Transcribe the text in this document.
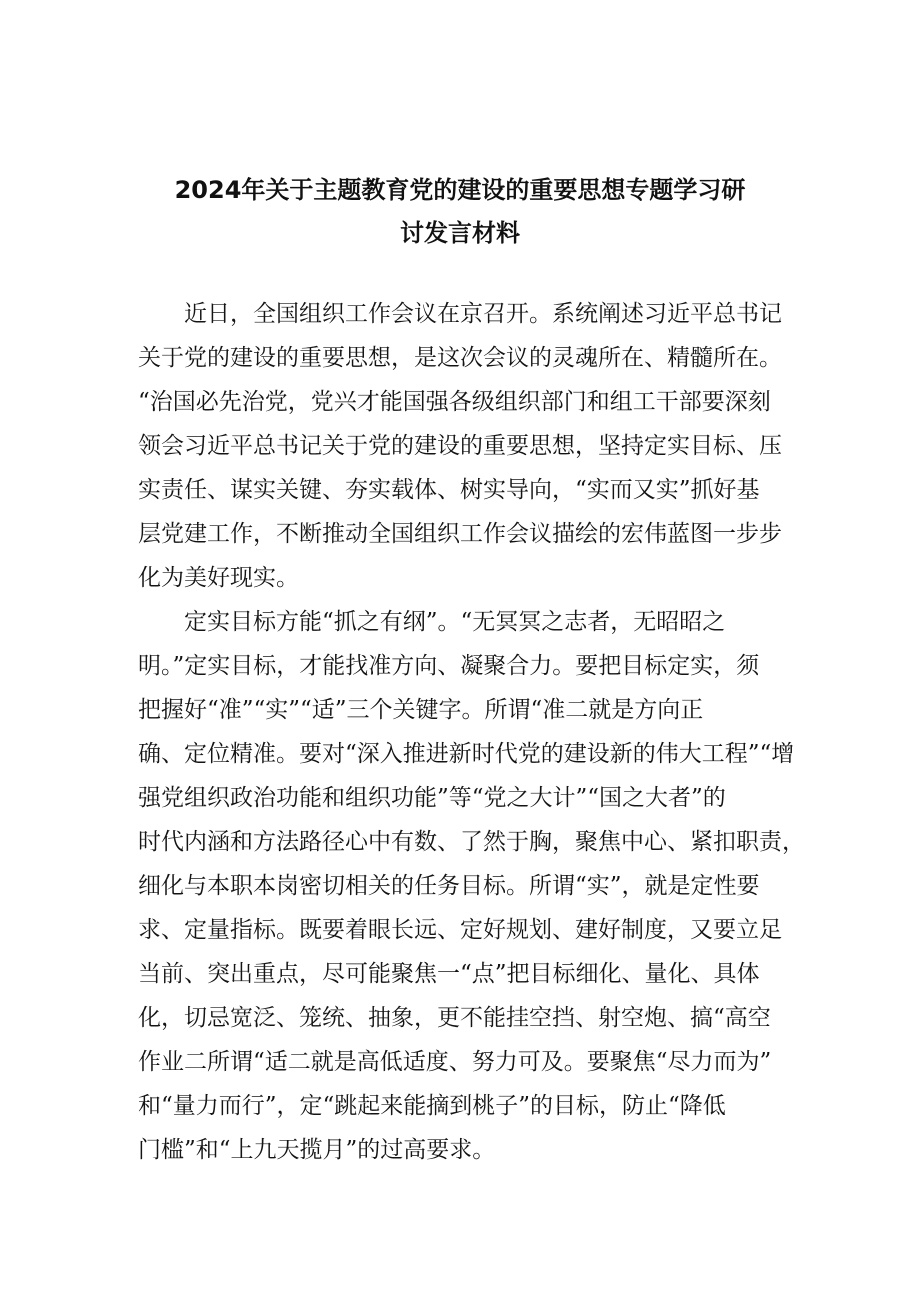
2024年关于主题教育党的建设的重要思想专题学习研
讨发言材料
　　近日，全国组织工作会议在京召开。系统阐述习近平总书记
关于党的建设的重要思想，是这次会议的灵魂所在、精髓所在。
“治国必先治党，党兴才能国强各级组织部门和组工干部要深刻
领会习近平总书记关于党的建设的重要思想，坚持定实目标、压
实责任、谋实关键、夯实载体、树实导向，“实而又实”抓好基
层党建工作，不断推动全国组织工作会议描绘的宏伟蓝图一步步
化为美好现实。
　　定实目标方能“抓之有纲”。“无冥冥之志者，无昭昭之
明。”定实目标，才能找准方向、凝聚合力。要把目标定实，须
把握好“准”“实”“适”三个关键字。所谓“准二就是方向正
确、定位精准。要对“深入推进新时代党的建设新的伟大工程”“增
强党组织政治功能和组织功能”等“党之大计”“国之大者”的
时代内涵和方法路径心中有数、了然于胸，聚焦中心、紧扣职责，
细化与本职本岗密切相关的任务目标。所谓“实”，就是定性要
求、定量指标。既要着眼长远、定好规划、建好制度，又要立足
当前、突出重点，尽可能聚焦一“点”把目标细化、量化、具体
化，切忌宽泛、笼统、抽象，更不能挂空挡、射空炮、搞“高空
作业二所谓“适二就是高低适度、努力可及。要聚焦“尽力而为”
和“量力而行”，定“跳起来能摘到桃子”的目标，防止“降低
门槛”和“上九天揽月”的过高要求。
